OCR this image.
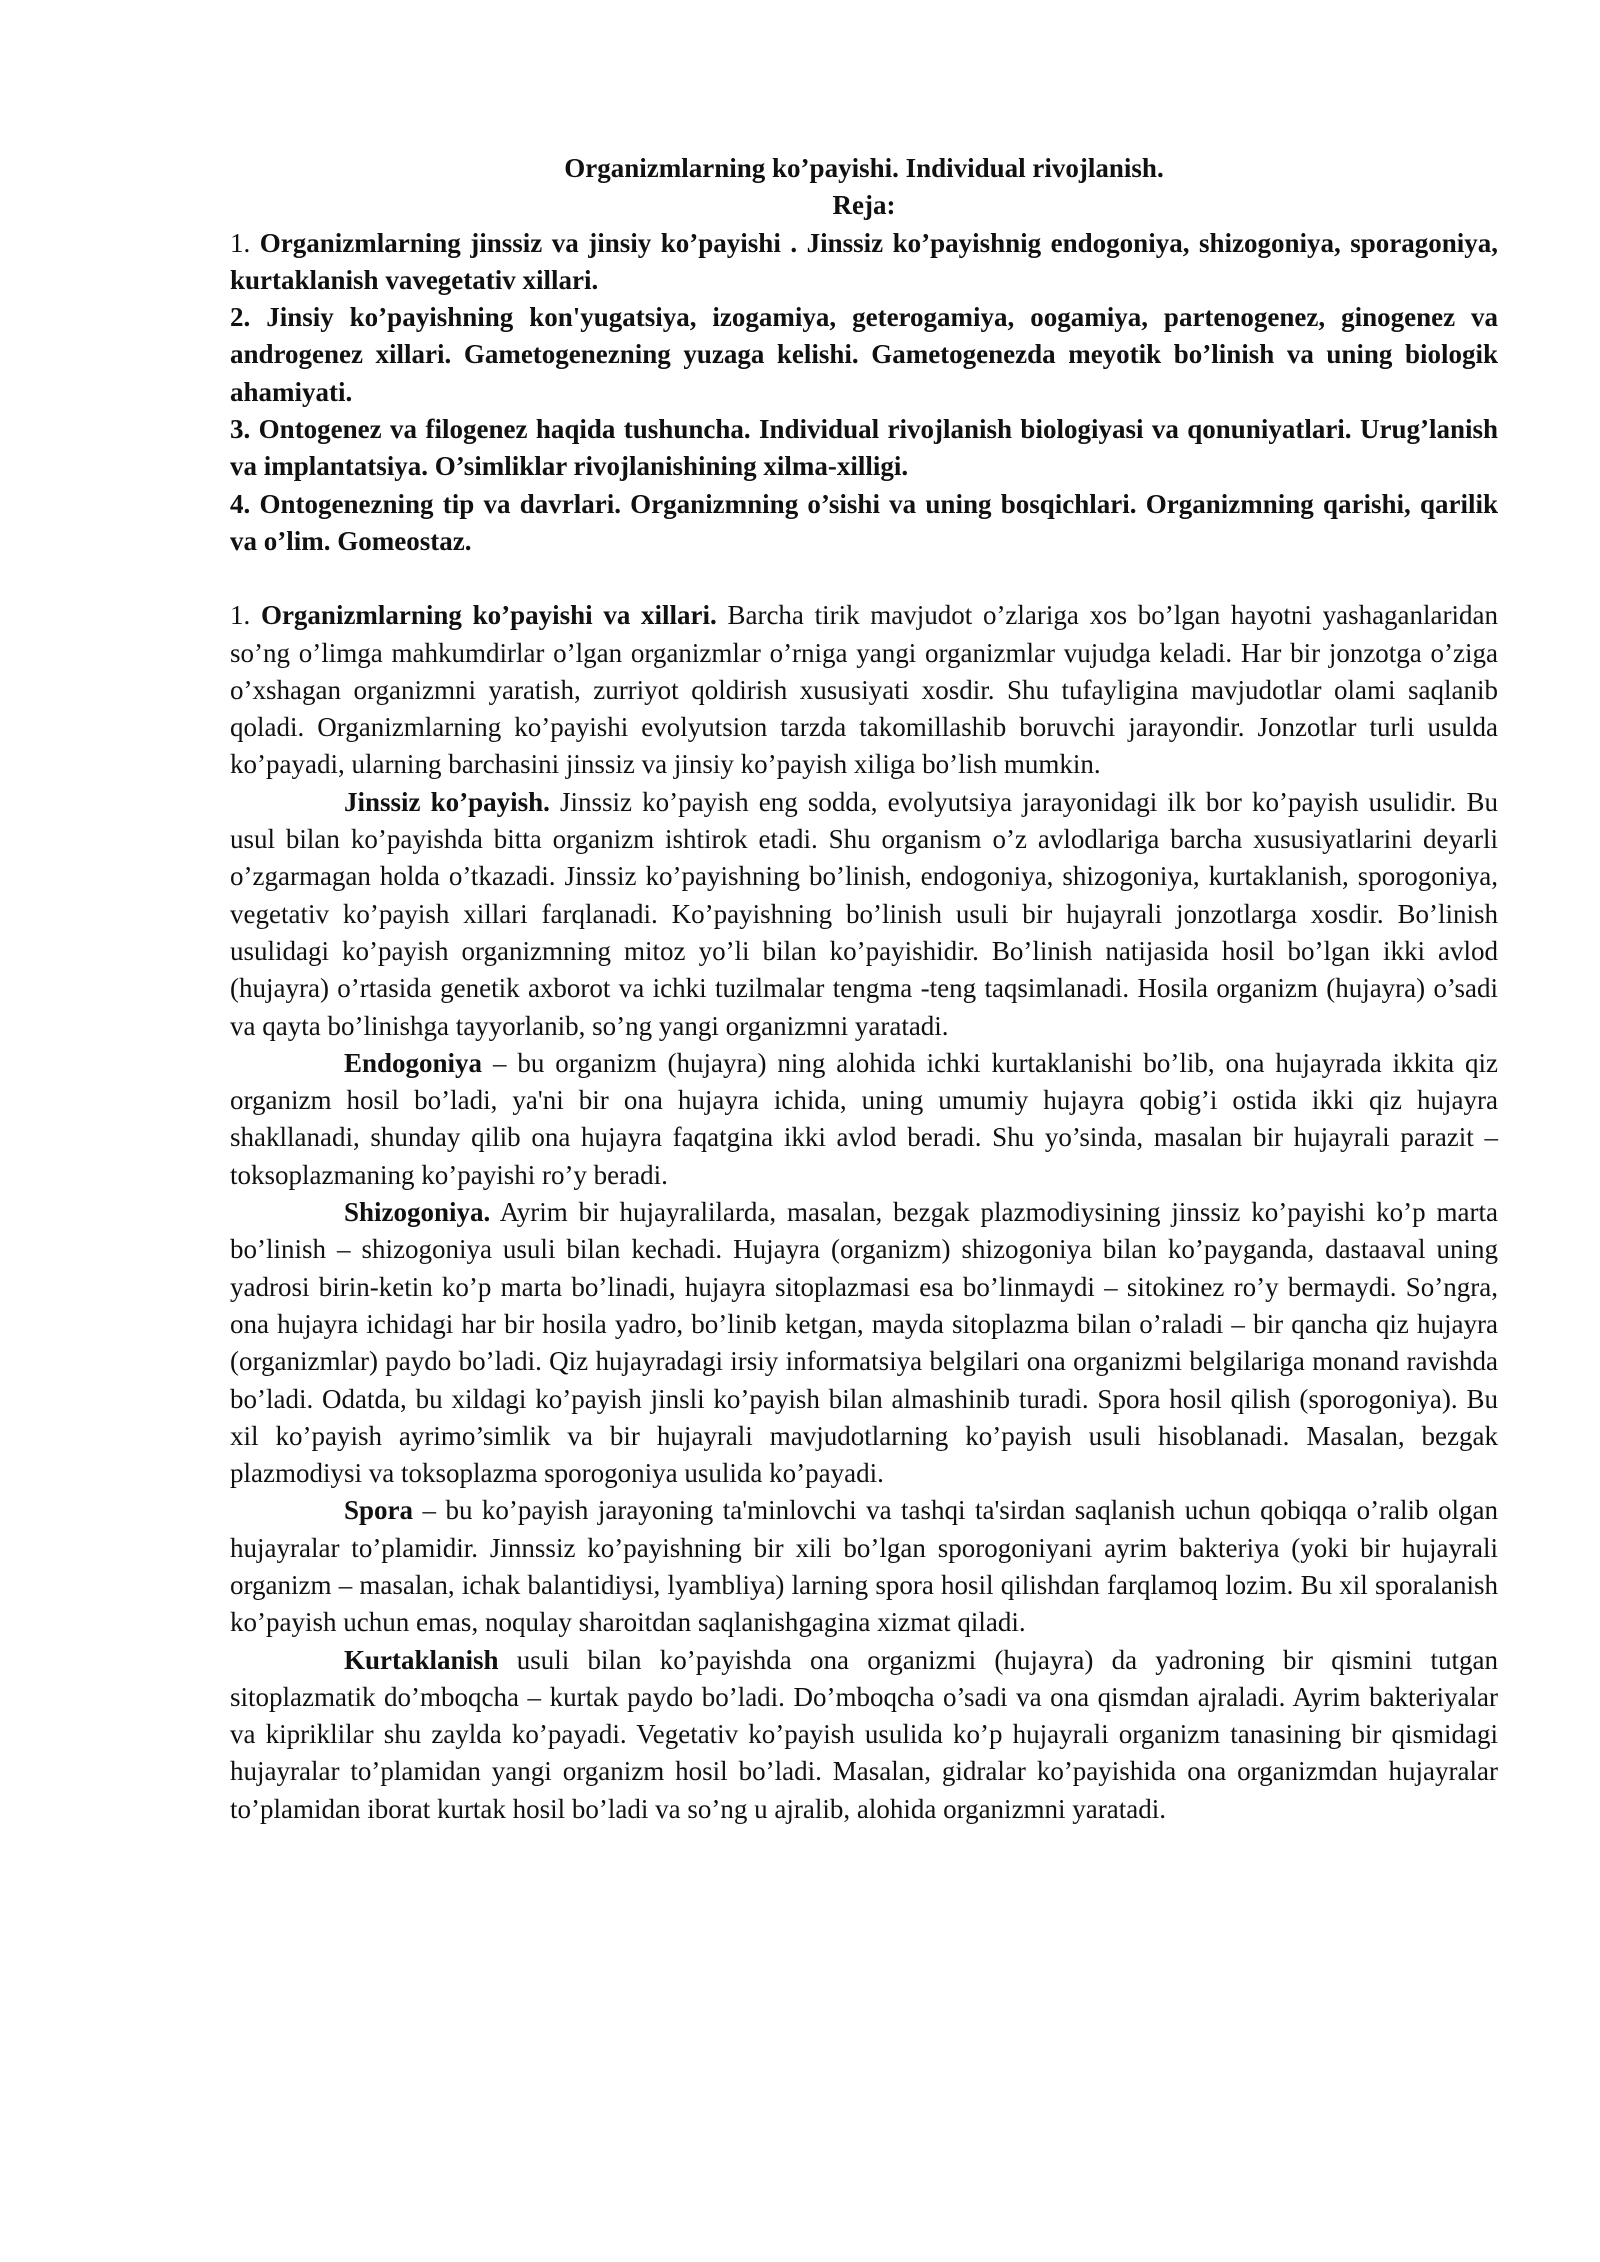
Organizmlarning ko’payishi. Individual rivojlanish.

Reja:

1. Organizmlarning jinssiz va jinsiy ko’payishi . Jinssiz ko’payishnig endogoniya, shizogoniya, sporagoniya, kurtaklanish vavegetativ xillari.

2. Jinsiy ko’payishning kon'yugatsiya, izogamiya, geterogamiya, oogamiya, partenogenez, ginogenez va androgenez xillari. Gametogenezning yuzaga kelishi. Gametogenezda meyotik bo’linish va uning biologik ahamiyati.

3. Ontogenez va filogenez haqida tushuncha. Individual rivojlanish biologiyasi va qonuniyatlari. Urug’lanish va implantatsiya. O’simliklar rivojlanishining xilma-xilligi.

4. Ontogenezning tip va davrlari. Organizmning o’sishi va uning bosqichlari. Organizmning qarishi, qarilik va o’lim. Gomeostaz.

1. Organizmlarning ko’payishi va xillari. Barcha tirik mavjudot o’zlariga xos bo’lgan hayotni yashaganlaridan so’ng o’limga mahkumdirlar o’lgan organizmlar o’rniga yangi organizmlar vujudga keladi. Har bir jonzotga o’ziga o’xshagan organizmni yaratish, zurriyot qoldirish xususiyati xosdir. Shu tufayligina mavjudotlar olami saqlanib qoladi. Organizmlarning ko’payishi evolyutsion tarzda takomillashib boruvchi jarayondir. Jonzotlar turli usulda ko’payadi, ularning barchasini jinssiz va jinsiy ko’payish xiliga bo’lish mumkin.

Jinssiz ko’payish. Jinssiz ko’payish eng sodda, evolyutsiya jarayonidagi ilk bor ko’payish usulidir. Bu usul bilan ko’payishda bitta organizm ishtirok etadi. Shu organism o’z avlodlariga barcha xususiyatlarini deyarli o’zgarmagan holda o’tkazadi. Jinssiz ko’payishning bo’linish, endogoniya, shizogoniya, kurtaklanish, sporogoniya, vegetativ ko’payish xillari farqlanadi. Ko’payishning bo’linish usuli bir hujayrali jonzotlarga xosdir. Bo’linish usulidagi ko’payish organizmning mitoz yo’li bilan ko’payishidir. Bo’linish natijasida hosil bo’lgan ikki avlod (hujayra) o’rtasida genetik axborot va ichki tuzilmalar tengma -teng taqsimlanadi. Hosila organizm (hujayra) o’sadi va qayta bo’linishga tayyorlanib, so’ng yangi organizmni yaratadi.

Endogoniya – bu organizm (hujayra) ning alohida ichki kurtaklanishi bo’lib, ona hujayrada ikkita qiz organizm hosil bo’ladi, ya'ni bir ona hujayra ichida, uning umumiy hujayra qobig’i ostida ikki qiz hujayra shakllanadi, shunday qilib ona hujayra faqatgina ikki avlod beradi. Shu yo’sinda, masalan bir hujayrali parazit –toksoplazmaning ko’payishi ro’y beradi.

Shizogoniya. Ayrim bir hujayralilarda, masalan, bezgak plazmodiysining jinssiz ko’payishi ko’p marta bo’linish – shizogoniya usuli bilan kechadi. Hujayra (organizm) shizogoniya bilan ko’payganda, dastaaval uning yadrosi birin-ketin ko’p marta bo’linadi, hujayra sitoplazmasi esa bo’linmaydi – sitokinez ro’y bermaydi. So’ngra, ona hujayra ichidagi har bir hosila yadro, bo’linib ketgan, mayda sitoplazma bilan o’raladi – bir qancha qiz hujayra (organizmlar) paydo bo’ladi. Qiz hujayradagi irsiy informatsiya belgilari ona organizmi belgilariga monand ravishda bo’ladi. Odatda, bu xildagi ko’payish jinsli ko’payish bilan almashinib turadi. Spora hosil qilish (sporogoniya). Bu xil ko’payish ayrimo’simlik va bir hujayrali mavjudotlarning ko’payish usuli hisoblanadi. Masalan, bezgak plazmodiysi va toksoplazma sporogoniya usulida ko’payadi.

Spora – bu ko’payish jarayoning ta'minlovchi va tashqi ta'sirdan saqlanish uchun qobiqqa o’ralib olgan hujayralar to’plamidir. Jinnssiz ko’payishning bir xili bo’lgan sporogoniyani ayrim bakteriya (yoki bir hujayrali organizm – masalan, ichak balantidiysi, lyambliya) larning spora hosil qilishdan farqlamoq lozim. Bu xil sporalanish ko’payish uchun emas, noqulay sharoitdan saqlanishgagina xizmat qiladi.

Kurtaklanish usuli bilan ko’payishda ona organizmi (hujayra) da yadroning bir qismini tutgan sitoplazmatik do’mboqcha – kurtak paydo bo’ladi. Do’mboqcha o’sadi va ona qismdan ajraladi. Ayrim bakteriyalar va kipriklilar shu zaylda ko’payadi. Vegetativ ko’payish usulida ko’p hujayrali organizm tanasining bir qismidagi hujayralar to’plamidan yangi organizm hosil bo’ladi. Masalan, gidralar ko’payishida ona organizmdan hujayralar to’plamidan iborat kurtak hosil bo’ladi va so’ng u ajralib, alohida organizmni yaratadi.
